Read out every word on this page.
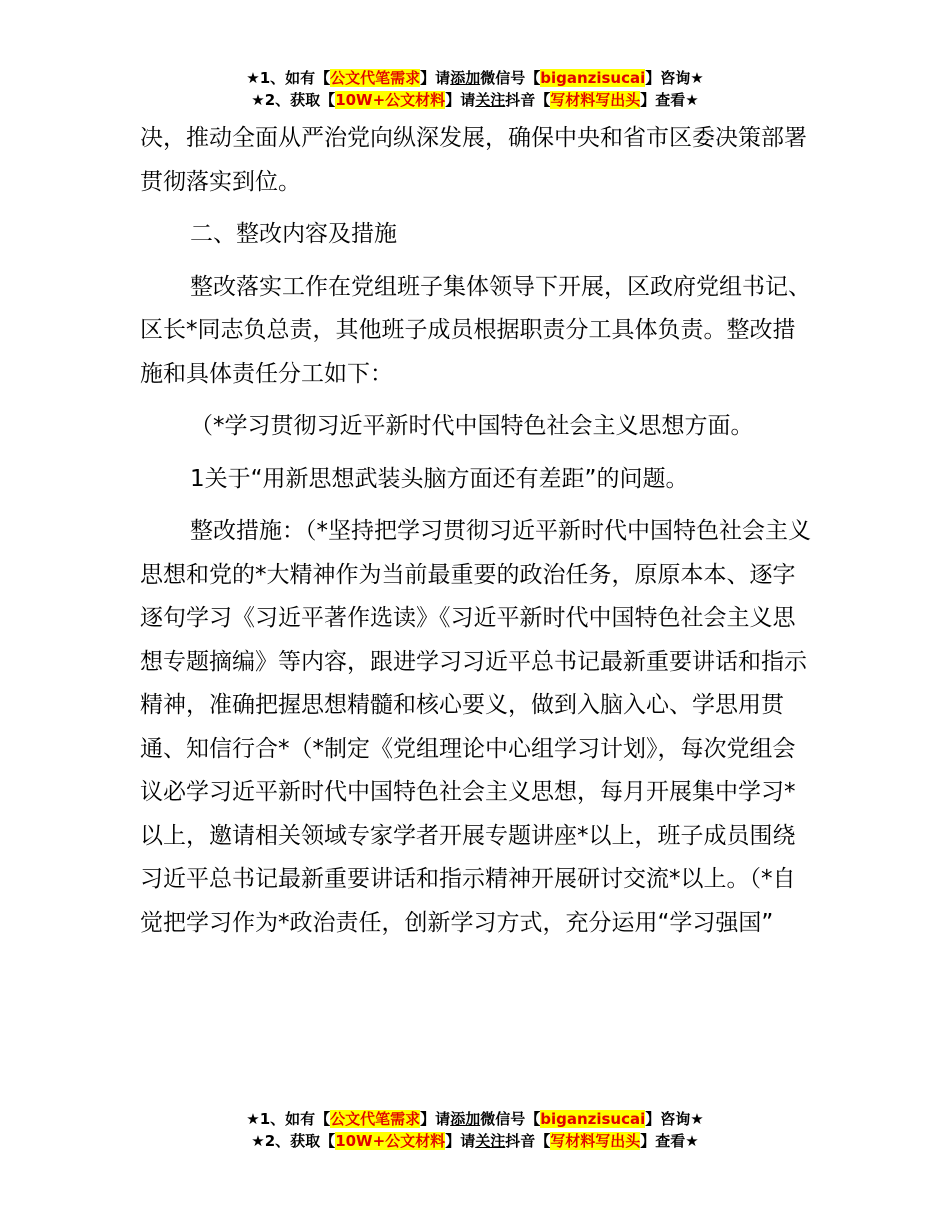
★1、如有【公文代笔需求】请添加微信号【biganzisucai】咨询★
★2、获取【10W+公文材料】请关注抖音【写材料写出头】查看★

决，推动全面从严治党向纵深发展，确保中央和省市区委决策部署贯彻落实到位。

二、整改内容及措施

整改落实工作在党组班子集体领导下开展，区政府党组书记、区长*同志负总责，其他班子成员根据职责分工具体负责。整改措施和具体责任分工如下：

（*学习贯彻习近平新时代中国特色社会主义思想方面。

1关于“用新思想武装头脑方面还有差距”的问题。

整改措施：（*坚持把学习贯彻习近平新时代中国特色社会主义思想和党的*大精神作为当前最重要的政治任务，原原本本、逐字逐句学习《习近平著作选读》《习近平新时代中国特色社会主义思想专题摘编》等内容，跟进学习习近平总书记最新重要讲话和指示精神，准确把握思想精髓和核心要义，做到入脑入心、学思用贯通、知信行合*（*制定《党组理论中心组学习计划》，每次党组会议必学习近平新时代中国特色社会主义思想，每月开展集中学习*以上，邀请相关领域专家学者开展专题讲座*以上，班子成员围绕习近平总书记最新重要讲话和指示精神开展研讨交流*以上。（*自觉把学习作为*政治责任，创新学习方式，充分运用“学习强国”

★1、如有【公文代笔需求】请添加微信号【biganzisucai】咨询★
★2、获取【10W+公文材料】请关注抖音【写材料写出头】查看★
